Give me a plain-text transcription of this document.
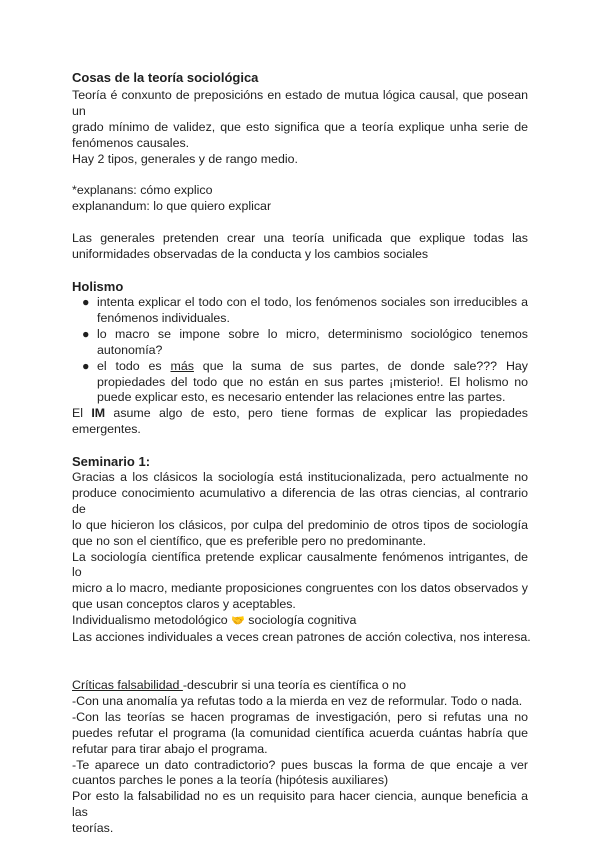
Cosas de la teoría sociológica
Teoría é conxunto de preposicións en estado de mutua lógica causal, que posean un
grado mínimo de validez, que esto significa que a teoría explique unha serie de
fenómenos causales.
Hay 2 tipos, generales y de rango medio.
*explanans: cómo explico
explanandum: lo que quiero explicar
Las generales pretenden crear una teoría unificada que explique todas las
uniformidades observadas de la conducta y los cambios sociales
Holismo
● intenta explicar el todo con el todo, los fenómenos sociales son irreducibles a
fenómenos individuales.
● lo macro se impone sobre lo micro, determinismo sociológico tenemos
autonomía?
● el todo es más que la suma de sus partes, de donde sale??? Hay
propiedades del todo que no están en sus partes ¡misterio!. El holismo no
puede explicar esto, es necesario entender las relaciones entre las partes.
El IM asume algo de esto, pero tiene formas de explicar las propiedades
emergentes.
Seminario 1:
Gracias a los clásicos la sociología está institucionalizada, pero actualmente no
produce conocimiento acumulativo a diferencia de las otras ciencias, al contrario de
lo que hicieron los clásicos, por culpa del predominio de otros tipos de sociología
que no son el científico, que es preferible pero no predominante.
La sociología científica pretende explicar causalmente fenómenos intrigantes, de lo
micro a lo macro, mediante proposiciones congruentes con los datos observados y
que usan conceptos claros y aceptables.
Individualismo metodológico 🤝 sociología cognitiva
Las acciones individuales a veces crean patrones de acción colectiva, nos interesa.
Críticas falsabilidad -descubrir si una teoría es científica o no
-Con una anomalía ya refutas todo a la mierda en vez de reformular. Todo o nada.
-Con las teorías se hacen programas de investigación, pero si refutas una no
puedes refutar el programa (la comunidad científica acuerda cuántas habría que
refutar para tirar abajo el programa.
-Te aparece un dato contradictorio? pues buscas la forma de que encaje a ver
cuantos parches le pones a la teoría (hipótesis auxiliares)
Por esto la falsabilidad no es un requisito para hacer ciencia, aunque beneficia a las
teorías.
